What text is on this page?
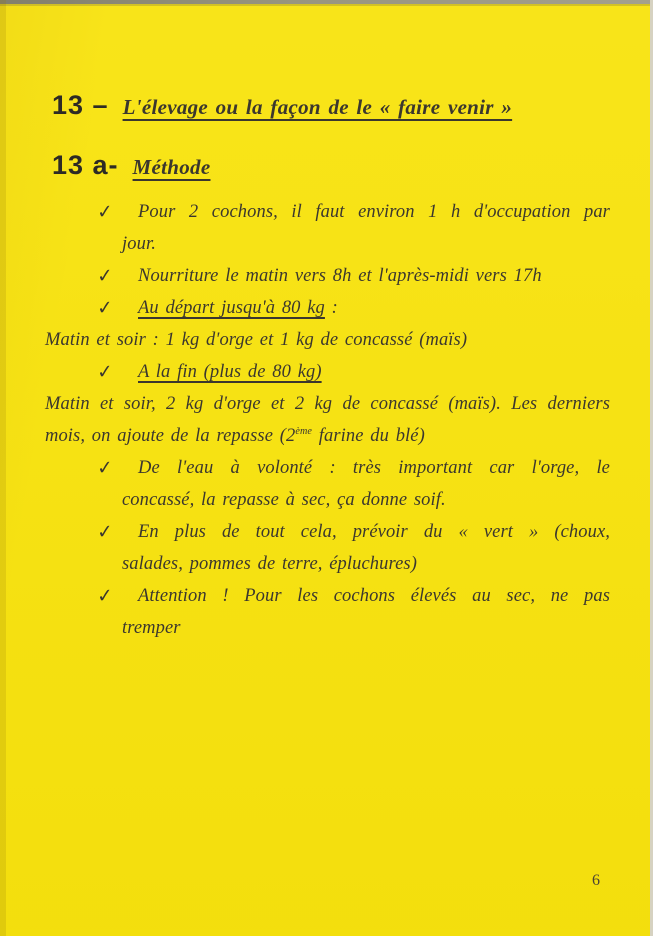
13 – L'élevage ou la façon de le « faire venir »
13 a- Méthode
✓ Pour 2 cochons, il faut environ 1 h d'occupation par
jour.
✓ Nourriture le matin vers 8h et l'après-midi vers 17h
✓ Au départ jusqu'à 80 kg :
Matin et soir : 1 kg d'orge et 1 kg de concassé (maïs)
✓ A la fin (plus de 80 kg)
Matin et soir, 2 kg d'orge et 2 kg de concassé (maïs). Les derniers
mois, on ajoute de la repasse (2ème farine du blé)
✓ De l'eau à volonté : très important car l'orge, le
concassé, la repasse à sec, ça donne soif.
✓ En plus de tout cela, prévoir du « vert » (choux,
salades, pommes de terre, épluchures)
✓ Attention ! Pour les cochons élevés au sec, ne pas
tremper
6
